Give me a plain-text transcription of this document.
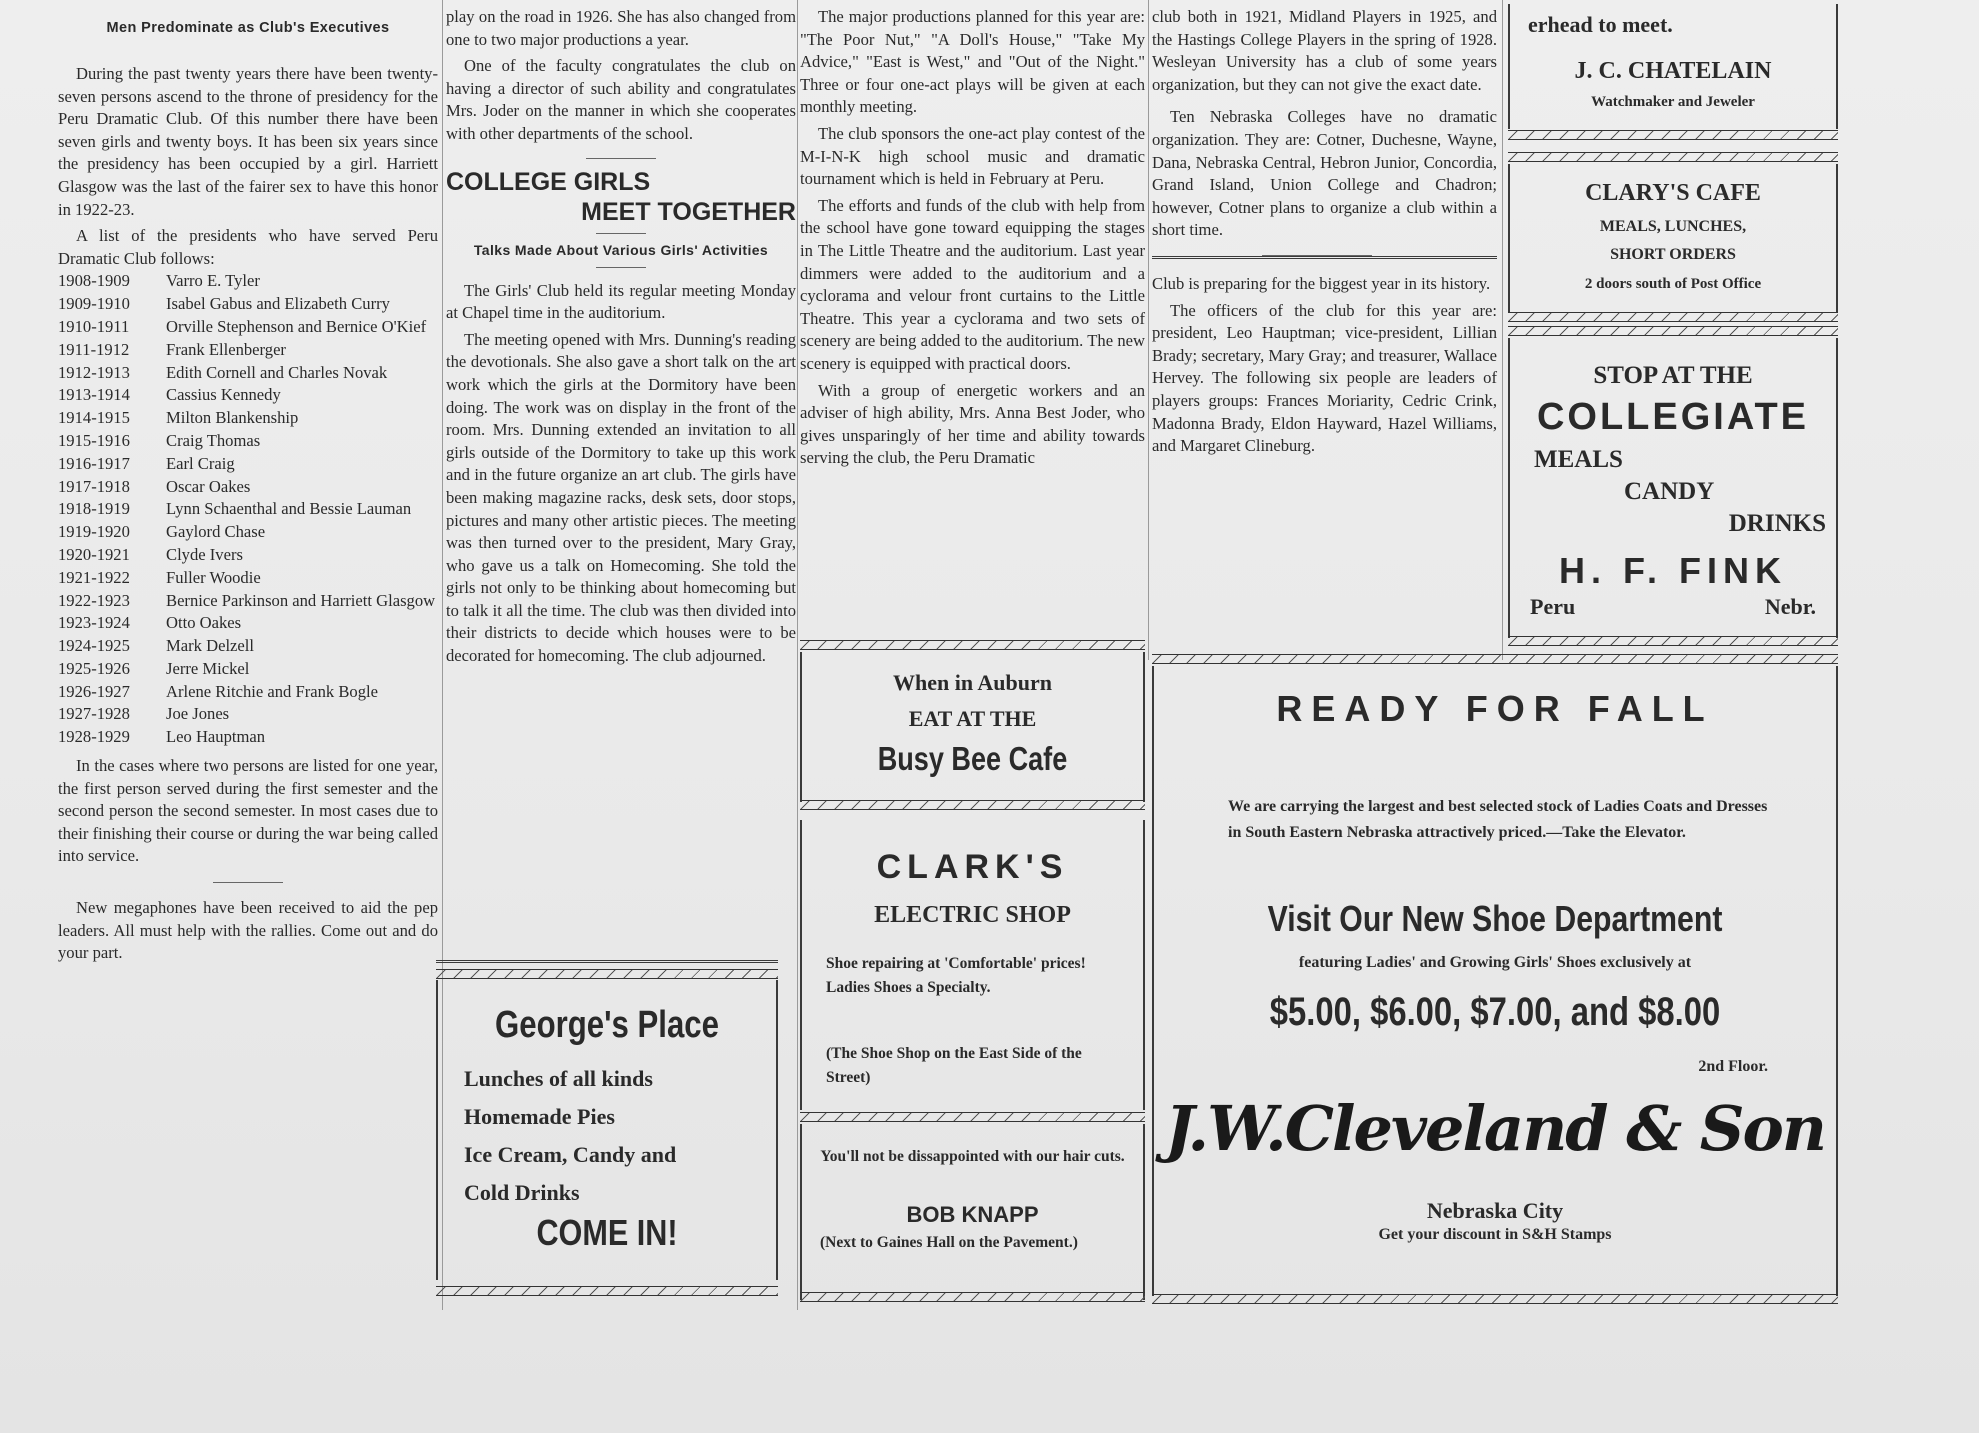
Men Predominate as Club's Executives

During the past twenty years there have been twenty-seven persons ascend to the throne of presidency for the Peru Dramatic Club. Of this number there have been seven girls and twenty boys. It has been six years since the presidency has been occupied by a girl. Harriett Glasgow was the last of the fairer sex to have this honor in 1922-23.

A list of the presidents who have served Peru Dramatic Club follows:

1908-1909	Varro E. Tyler
1909-1910	Isabel Gabus and Elizabeth Curry
1910-1911	Orville Stephenson and Bernice O'Kief
1911-1912	Frank Ellenberger
1912-1913	Edith Cornell and Charles Novak
1913-1914	Cassius Kennedy
1914-1915	Milton Blankenship
1915-1916	Craig Thomas
1916-1917	Earl Craig
1917-1918	Oscar Oakes
1918-1919	Lynn Schaenthal and Bessie Lauman
1919-1920	Gaylord Chase
1920-1921	Clyde Ivers
1921-1922	Fuller Woodie
1922-1923	Bernice Parkinson and Harriett Glasgow
1923-1924	Otto Oakes
1924-1925	Mark Delzell
1925-1926	Jerre Mickel
1926-1927	Arlene Ritchie and Frank Bogle
1927-1928	Joe Jones
1928-1929	Leo Hauptman

In the cases where two persons are listed for one year, the first person served during the first semester and the second person the second semester. In most cases due to their finishing their course or during the war being called into service.

New megaphones have been received to aid the pep leaders. All must help with the rallies. Come out and do your part.

play on the road in 1926. She has also changed from one to two major productions a year.

One of the faculty congratulates the club on having a director of such ability and congratulates Mrs. Joder on the manner in which she cooperates with other departments of the school.

COLLEGE GIRLS
MEET TOGETHER
Talks Made About Various Girls' Activities

The Girls' Club held its regular meeting Monday at Chapel time in the auditorium.

The meeting opened with Mrs. Dunning's reading the devotionals. She also gave a short talk on the art work which the girls at the Dormitory have been doing. The work was on display in the front of the room. Mrs. Dunning extended an invitation to all girls outside of the Dormitory to take up this work and in the future organize an art club. The girls have been making magazine racks, desk sets, door stops, pictures and many other artistic pieces. The meeting was then turned over to the president, Mary Gray, who gave us a talk on Homecoming. She told the girls not only to be thinking about homecoming but to talk it all the time. The club was then divided into their districts to decide which houses were to be decorated for homecoming. The club adjourned.

George's Place
Lunches of all kinds
Homemade Pies
Ice Cream, Candy and
Cold Drinks
COME IN!

The major productions planned for this year are: "The Poor Nut," "A Doll's House," "Take My Advice," "East is West," and "Out of the Night." Three or four one-act plays will be given at each monthly meeting.

The club sponsors the one-act play contest of the M-I-N-K high school music and dramatic tournament which is held in February at Peru.

The efforts and funds of the club with help from the school have gone toward equipping the stages in The Little Theatre and the auditorium. Last year dimmers were added to the auditorium and a cyclorama and velour front curtains to the Little Theatre. This year a cyclorama and two sets of scenery are being added to the auditorium. The new scenery is equipped with practical doors.

With a group of energetic workers and an adviser of high ability, Mrs. Anna Best Joder, who gives unsparingly of her time and ability towards serving the club, the Peru Dramatic

When in Auburn
EAT AT THE
Busy Bee Cafe
CLARK'S
ELECTRIC SHOP
Shoe repairing at 'Comfortable' prices! Ladies Shoes a Specialty.
(The Shoe Shop on the East Side of the Street)
You'll not be dissappointed with our hair cuts.
BOB KNAPP
(Next to Gaines Hall on the Pavement.)

club both in 1921, Midland Players in 1925, and the Hastings College Players in the spring of 1928. Wesleyan University has a club of some years organization, but they can not give the exact date.

Ten Nebraska Colleges have no dramatic organization. They are: Cotner, Duchesne, Wayne, Dana, Nebraska Central, Hebron Junior, Concordia, Grand Island, Union College and Chadron; however, Cotner plans to organize a club within a short time.

Club is preparing for the biggest year in its history.

The officers of the club for this year are: president, Leo Hauptman; vice-president, Lillian Brady; secretary, Mary Gray; and treasurer, Wallace Hervey. The following six people are leaders of players groups: Frances Moriarity, Cedric Crink, Madonna Brady, Eldon Hayward, Hazel Williams, and Margaret Clineburg.

erhead to meet.
J. C. CHATELAIN
Watchmaker and Jeweler
CLARY'S CAFE
MEALS, LUNCHES,
SHORT ORDERS
2 doors south of Post Office
STOP AT THE
COLLEGIATE
MEALS
CANDY
DRINKS
H. F. FINK
Peru	Nebr.
READY FOR FALL
We are carrying the largest and best selected stock of Ladies Coats and Dresses in South Eastern Nebraska attractively priced.—Take the Elevator.
Visit Our New Shoe Department
featuring Ladies' and Growing Girls' Shoes exclusively at
$5.00, $6.00, $7.00, and $8.00
2nd Floor.
J.W.Cleveland & Son
Nebraska City
Get your discount in S&H Stamps
